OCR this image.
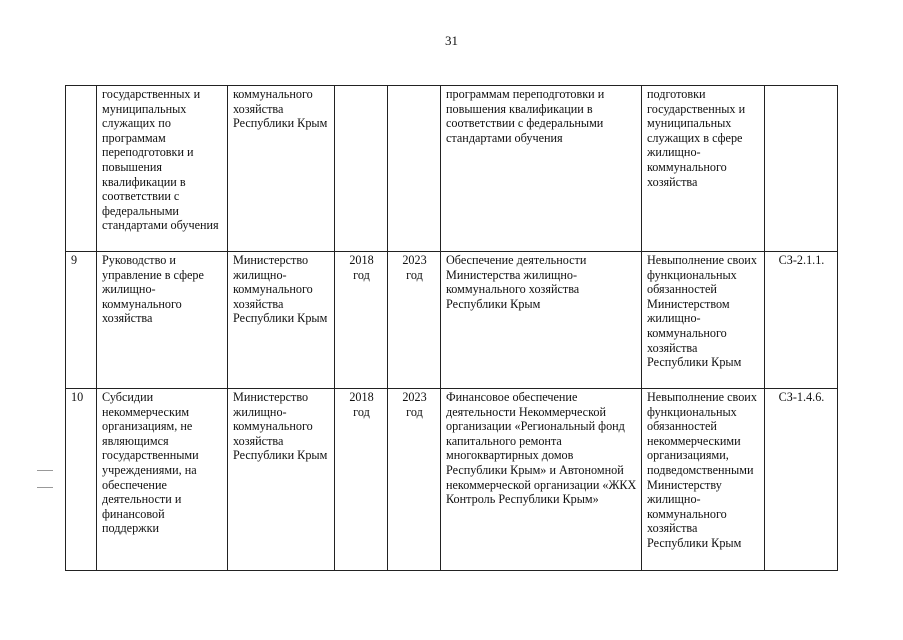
31
	государственных и муниципальных служащих по программам переподготовки и повышения квалификации в соответствии с федеральными стандартами обучения	коммунального хозяйства Республики Крым			программам переподготовки и повышения квалификации в соответствии с федеральными стандартами обучения	подготовки государственных и муниципальных служащих в сфере жилищно-коммунального хозяйства	
9	Руководство и управление в сфере жилищно-коммунального хозяйства	Министерство жилищно-коммунального хозяйства Республики Крым	2018 год	2023 год	Обеспечение деятельности Министерства жилищно-коммунального хозяйства Республики Крым	Невыполнение своих функциональных обязанностей Министерством жилищно-коммунального хозяйства Республики Крым	СЗ-2.1.1.
10	Субсидии некоммерческим организациям, не являющимся государственными учреждениями, на обеспечение деятельности и финансовой поддержки	Министерство жилищно-коммунального хозяйства Республики Крым	2018 год	2023 год	Финансовое обеспечение деятельности Некоммерческой организации «Региональный фонд капитального ремонта многоквартирных домов Республики Крым» и Автономной некоммерческой организации «ЖКХ Контроль Республики Крым»	Невыполнение своих функциональных обязанностей некоммерческими организациями, подведомственными Министерству жилищно-коммунального хозяйства Республики Крым	СЗ-1.4.6.
